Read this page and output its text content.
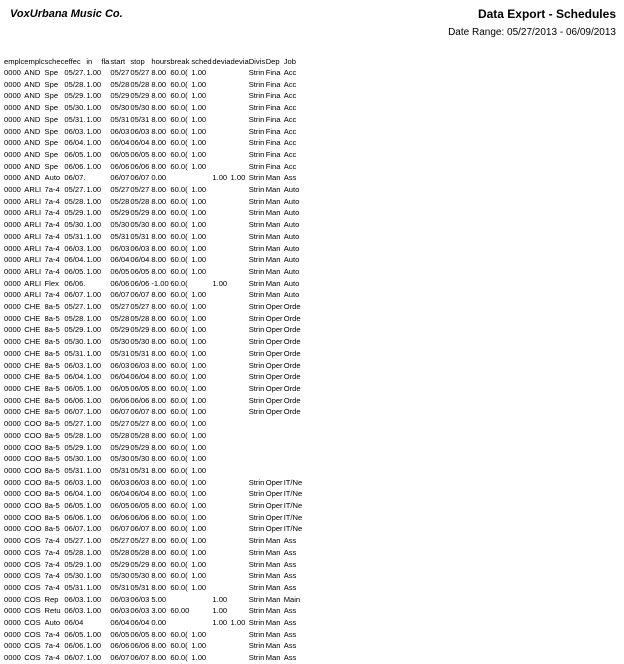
VoxUrbana Music Co.	Data Export - Schedules
Date Range: 05/27/2013 - 06/09/2013
emplc	emplc	schec	effec	in	fla	start	stop	hours	break	sched	devia	devia	Divis	Dep	Job
0000	AND	Spe	05/27.	1.00		05/27	05/27	8.00	60.0(	1.00			Strin	Fina	Acc
0000	AND	Spe	05/28.	1.00		05/28	05/28	8.00	60.0(	1.00			Strin	Fina	Acc
0000	AND	Spe	05/29.	1.00		05/29	05/29	8.00	60.0(	1.00			Strin	Fina	Acc
0000	AND	Spe	05/30.	1.00		05/30	05/30	8.00	60.0(	1.00			Strin	Fina	Acc
0000	AND	Spe	05/31.	1.00		05/31	05/31	8.00	60.0(	1.00			Strin	Fina	Acc
0000	AND	Spe	06/03.	1.00		06/03	06/03	8.00	60.0(	1.00			Strin	Fina	Acc
0000	AND	Spe	06/04.	1.00		06/04	06/04	8.00	60.0(	1.00			Strin	Fina	Acc
0000	AND	Spe	06/05.	1.00		06/05	06/05	8.00	60.0(	1.00			Strin	Fina	Acc
0000	AND	Spe	06/06.	1.00		06/06	06/06	8.00	60.0(	1.00			Strin	Fina	Acc
0000	AND	Auto	06/07.			06/07	06/07	0.00			1.00	1.00	Strin	Man	Ass
0000	ARLI	7a-4	05/27.	1.00		05/27	05/27	8.00	60.0(	1.00			Strin	Man	Auto
0000	ARLI	7a-4	05/28.	1.00		05/28	05/28	8.00	60.0(	1.00			Strin	Man	Auto
0000	ARLI	7a-4	05/29.	1.00		05/29	05/29	8.00	60.0(	1.00			Strin	Man	Auto
0000	ARLI	7a-4	05/30.	1.00		05/30	05/30	8.00	60.0(	1.00			Strin	Man	Auto
0000	ARLI	7a-4	05/31.	1.00		05/31	05/31	8.00	60.0(	1.00			Strin	Man	Auto
0000	ARLI	7a-4	06/03.	1.00		06/03	06/03	8.00	60.0(	1.00			Strin	Man	Auto
0000	ARLI	7a-4	06/04.	1.00		06/04	06/04	8.00	60.0(	1.00			Strin	Man	Auto
0000	ARLI	7a-4	06/05.	1.00		06/05	06/05	8.00	60.0(	1.00			Strin	Man	Auto
0000	ARLI	Flex	06/06.			06/06	06/06	-1.00	60.0(		1.00		Strin	Man	Auto
0000	ARLI	7a-4	06/07.	1.00		06/07	06/07	8.00	60.0(	1.00			Strin	Man	Auto
0000	CHE	8a-5	05/27.	1.00		05/27	05/27	8.00	60.0(	1.00			Strin	Oper	Orde
0000	CHE	8a-5	05/28.	1.00		05/28	05/28	8.00	60.0(	1.00			Strin	Oper	Orde
0000	CHE	8a-5	05/29.	1.00		05/29	05/29	8.00	60.0(	1.00			Strin	Oper	Orde
0000	CHE	8a-5	05/30.	1.00		05/30	05/30	8.00	60.0(	1.00			Strin	Oper	Orde
0000	CHE	8a-5	05/31.	1.00		05/31	05/31	8.00	60.0(	1.00			Strin	Oper	Orde
0000	CHE	8a-5	06/03.	1.00		06/03	06/03	8.00	60.0(	1.00			Strin	Oper	Orde
0000	CHE	8a-5	06/04.	1.00		06/04	06/04	8.00	60.0(	1.00			Strin	Oper	Orde
0000	CHE	8a-5	06/05.	1.00		06/05	06/05	8.00	60.0(	1.00			Strin	Oper	Orde
0000	CHE	8a-5	06/06.	1.00		06/06	06/06	8.00	60.0(	1.00			Strin	Oper	Orde
0000	CHE	8a-5	06/07.	1.00		06/07	06/07	8.00	60.0(	1.00			Strin	Oper	Orde
0000	COO	8a-5	05/27.	1.00		05/27	05/27	8.00	60.0(	1.00					
0000	COO	8a-5	05/28.	1.00		05/28	05/28	8.00	60.0(	1.00					
0000	COO	8a-5	05/29.	1.00		05/29	05/29	8.00	60.0(	1.00					
0000	COO	8a-5	05/30.	1.00		05/30	05/30	8.00	60.0(	1.00					
0000	COO	8a-5	05/31.	1.00		05/31	05/31	8.00	60.0(	1.00					
0000	COO	8a-5	06/03.	1.00		06/03	06/03	8.00	60.0(	1.00			Strin	Oper	IT/Ne
0000	COO	8a-5	06/04.	1.00		06/04	06/04	8.00	60.0(	1.00			Strin	Oper	IT/Ne
0000	COO	8a-5	06/05.	1.00		06/05	06/05	8.00	60.0(	1.00			Strin	Oper	IT/Ne
0000	COO	8a-5	06/06.	1.00		06/06	06/06	8.00	60.0(	1.00			Strin	Oper	IT/Ne
0000	COO	8a-5	06/07.	1.00		06/07	06/07	8.00	60.0(	1.00			Strin	Oper	IT/Ne
0000	COS	7a-4	05/27.	1.00		05/27	05/27	8.00	60.0(	1.00			Strin	Man	Ass
0000	COS	7a-4	05/28.	1.00		05/28	05/28	8.00	60.0(	1.00			Strin	Man	Ass
0000	COS	7a-4	05/29.	1.00		05/29	05/29	8.00	60.0(	1.00			Strin	Man	Ass
0000	COS	7a-4	05/30.	1.00		05/30	05/30	8.00	60.0(	1.00			Strin	Man	Ass
0000	COS	7a-4	05/31.	1.00		05/31	05/31	8.00	60.0(	1.00			Strin	Man	Ass
0000	COS	Rep	06/03.	1.00		06/03	06/03	5.00			1.00		Strin	Man	Main
0000	COS	Retu	06/03.	1.00		06/03	06/03	3.00	60.00		1.00		Strin	Man	Ass
0000	COS	Auto	06/04			06/04	06/04	0.00			1.00	1.00	Strin	Man	Ass
0000	COS	7a-4	06/05.	1.00		06/05	06/05	8.00	60.0(	1.00			Strin	Man	Ass
0000	COS	7a-4	06/06.	1.00		06/06	06/06	8.00	60.0(	1.00			Strin	Man	Ass
0000	COS	7a-4	06/07.	1.00		06/07	06/07	8.00	60.0(	1.00			Strin	Man	Ass
